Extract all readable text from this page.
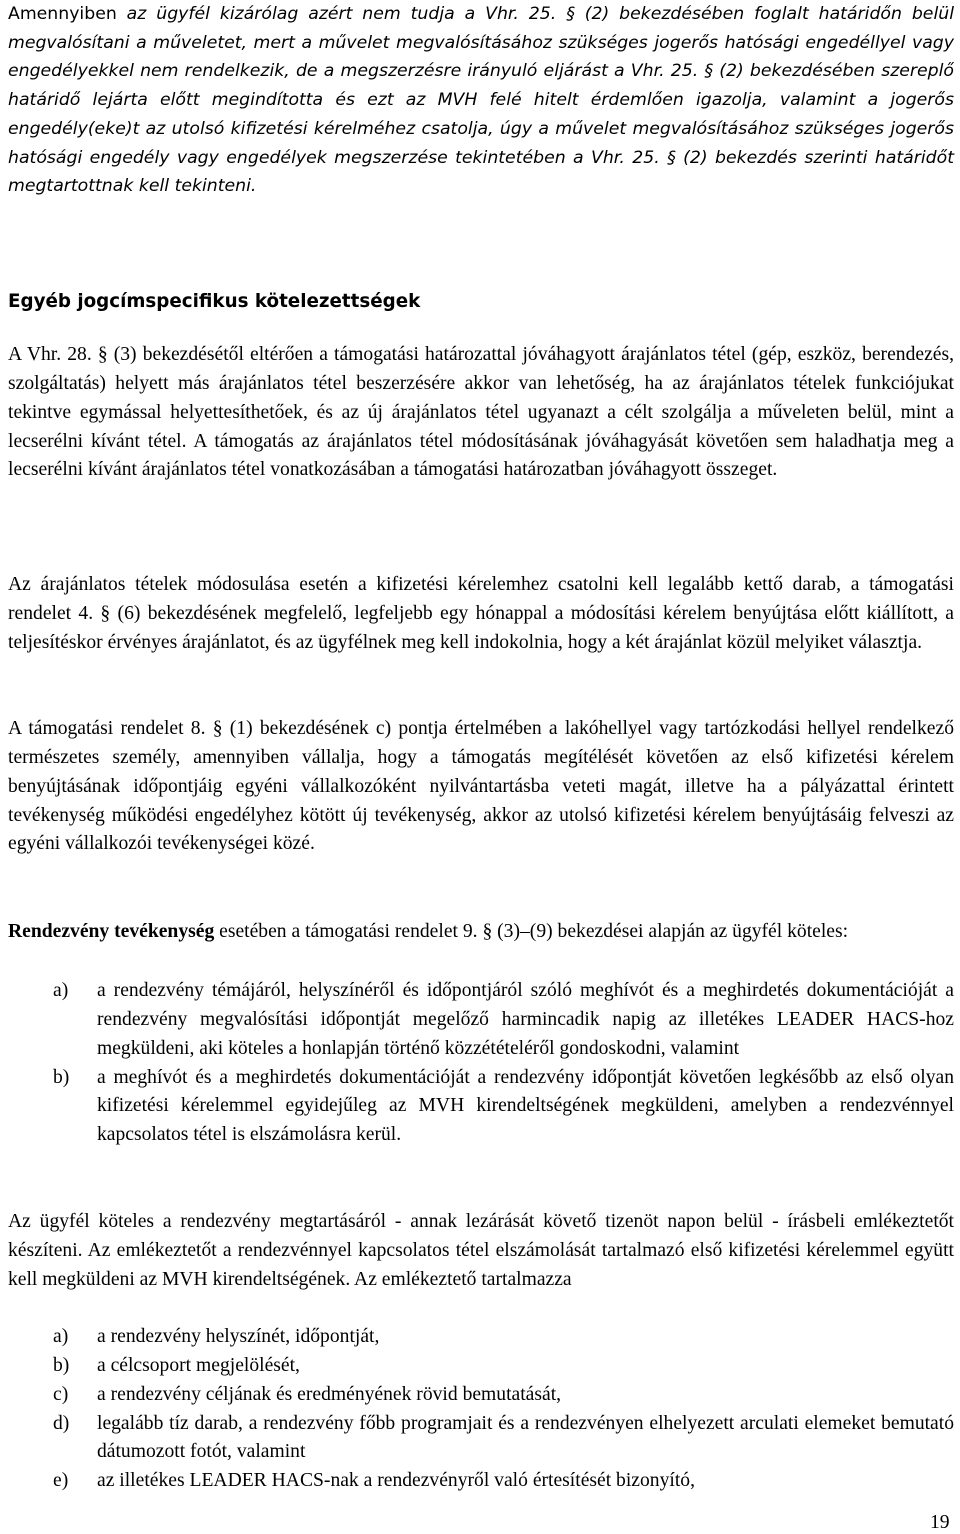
Amennyiben az ügyfél kizárólag azért nem tudja a Vhr. 25. § (2) bekezdésében foglalt határidőn belül megvalósítani a műveletet, mert a művelet megvalósításához szükséges jogerős hatósági engedéllyel vagy engedélyekkel nem rendelkezik, de a megszerzésre irányuló eljárást a Vhr. 25. § (2) bekezdésében szereplő határidő lejárta előtt megindította és ezt az MVH felé hitelt érdemlően igazolja, valamint a jogerős engedély(eke)t az utolsó kifizetési kérelméhez csatolja, úgy a művelet megvalósításához szükséges jogerős hatósági engedély vagy engedélyek megszerzése tekintetében a Vhr. 25. § (2) bekezdés szerinti határidőt megtartottnak kell tekinteni.

Egyéb jogcímspecifikus kötelezettségek

A Vhr. 28. § (3) bekezdésétől eltérően a támogatási határozattal jóváhagyott árajánlatos tétel (gép, eszköz, berendezés, szolgáltatás) helyett más árajánlatos tétel beszerzésére akkor van lehetőség, ha az árajánlatos tételek funkciójukat tekintve egymással helyettesíthetőek, és az új árajánlatos tétel ugyanazt a célt szolgálja a műveleten belül, mint a lecserélni kívánt tétel. A támogatás az árajánlatos tétel módosításának jóváhagyását követően sem haladhatja meg a lecserélni kívánt árajánlatos tétel vonatkozásában a támogatási határozatban jóváhagyott összeget.

Az árajánlatos tételek módosulása esetén a kifizetési kérelemhez csatolni kell legalább kettő darab, a támogatási rendelet 4. § (6) bekezdésének megfelelő, legfeljebb egy hónappal a módosítási kérelem benyújtása előtt kiállított, a teljesítéskor érvényes árajánlatot, és az ügyfélnek meg kell indokolnia, hogy a két árajánlat közül melyiket választja.

A támogatási rendelet 8. § (1) bekezdésének c) pontja értelmében a lakóhellyel vagy tartózkodási hellyel rendelkező természetes személy, amennyiben vállalja, hogy a támogatás megítélését követően az első kifizetési kérelem benyújtásának időpontjáig egyéni vállalkozóként nyilvántartásba veteti magát, illetve ha a pályázattal érintett tevékenység működési engedélyhez kötött új tevékenység, akkor az utolsó kifizetési kérelem benyújtásáig felveszi az egyéni vállalkozói tevékenységei közé.

Rendezvény tevékenység esetében a támogatási rendelet 9. § (3)–(9) bekezdései alapján az ügyfél köteles:

a) a rendezvény témájáról, helyszínéről és időpontjáról szóló meghívót és a meghirdetés dokumentációját a rendezvény megvalósítási időpontját megelőző harmincadik napig az illetékes LEADER HACS-hoz megküldeni, aki köteles a honlapján történő közzétételéről gondoskodni, valamint
b) a meghívót és a meghirdetés dokumentációját a rendezvény időpontját követően legkésőbb az első olyan kifizetési kérelemmel egyidejűleg az MVH kirendeltségének megküldeni, amelyben a rendezvénnyel kapcsolatos tétel is elszámolásra kerül.

Az ügyfél köteles a rendezvény megtartásáról - annak lezárását követő tizenöt napon belül - írásbeli emlékeztetőt készíteni. Az emlékeztetőt a rendezvénnyel kapcsolatos tétel elszámolását tartalmazó első kifizetési kérelemmel együtt kell megküldeni az MVH kirendeltségének. Az emlékeztető tartalmazza

a) a rendezvény helyszínét, időpontját,
b) a célcsoport megjelölését,
c) a rendezvény céljának és eredményének rövid bemutatását,
d) legalább tíz darab, a rendezvény főbb programjait és a rendezvényen elhelyezett arculati elemeket bemutató dátumozott fotót, valamint
e) az illetékes LEADER HACS-nak a rendezvényről való értesítését bizonyító,
19
